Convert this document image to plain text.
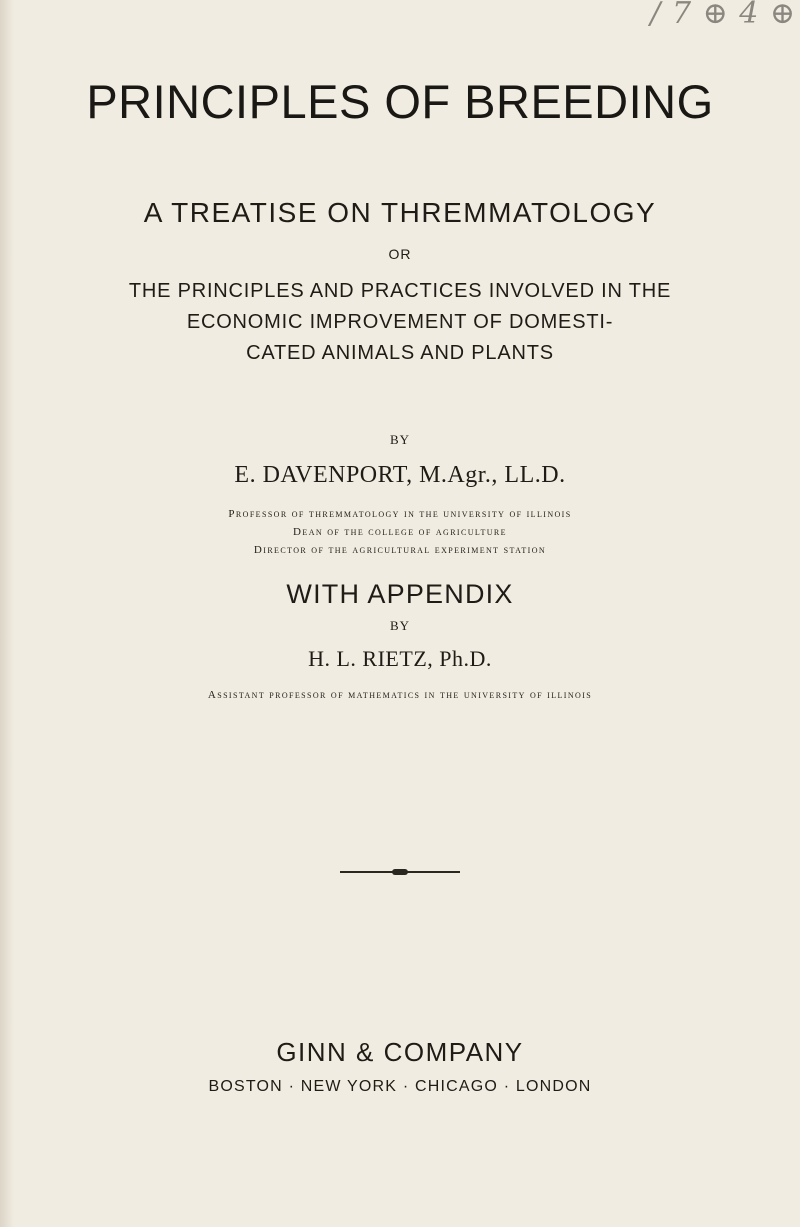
/ 7 ⊕ 4 ⊕
PRINCIPLES OF BREEDING
A TREATISE ON THREMMATOLOGY
OR
THE PRINCIPLES AND PRACTICES INVOLVED IN THE
ECONOMIC IMPROVEMENT OF DOMESTI-
CATED ANIMALS AND PLANTS
BY
E. DAVENPORT, M.Agr., LL.D.
Professor of thremmatology in the university of illinois
Dean of the college of agriculture
Director of the agricultural experiment station
WITH APPENDIX
BY
H. L. RIETZ, Ph.D.
Assistant professor of mathematics in the university of illinois
GINN & COMPANY
BOSTON · NEW YORK · CHICAGO · LONDON
